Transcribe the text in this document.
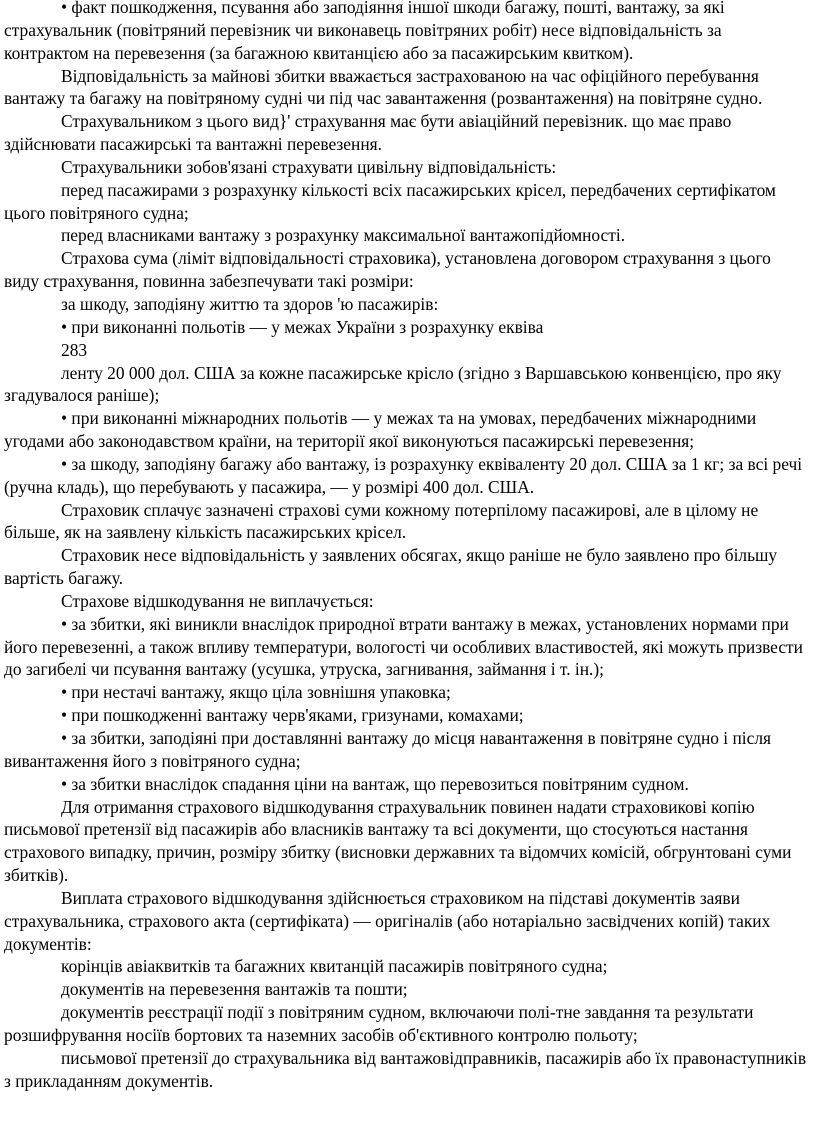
• факт пошкодження, псування або заподіяння іншої шкоди багажу, пошті, вантажу, за які страхувальник (повітряний перевізник чи виконавець повітряних робіт) несе відповідальність за контрактом на перевезення (за багажною квитанцією або за пасажирським квитком).

Відповідальність за майнові збитки вважається застрахованою на час офіційного перебування вантажу та багажу на повітряному судні чи під час завантаження (розвантаження) на повітряне судно.

Страхувальником з цього вид}' страхування має бути авіаційний перевізник. що має право здійснювати пасажирські та вантажні перевезення.

Страхувальники зобов'язані страхувати цивільну відповідальність:

перед пасажирами з розрахунку кількості всіх пасажирських крісел, передбачених сертифікатом цього повітряного судна;

перед власниками вантажу з розрахунку максимальної вантажопідйомності.

Страхова сума (ліміт відповідальності страховика), установлена договором страхування з цього виду страхування, повинна забезпечувати такі розміри:

за шкоду, заподіяну життю та здоров 'ю пасажирів:

• при виконанні польотів — у межах України з розрахунку еквіва

283

ленту 20 000 дол. США за кожне пасажирське крісло (згідно з Варшавською конвенцією, про яку згадувалося раніше);

• при виконанні міжнародних польотів — у межах та на умовах, передбачених міжнародними угодами або законодавством країни, на території якої виконуються пасажирські перевезення;

• за шкоду, заподіяну багажу або вантажу, із розрахунку еквіваленту 20 дол. США за 1 кг; за всі речі (ручна кладь), що перебувають у пасажира, — у розмірі 400 дол. США.

Страховик сплачує зазначені страхові суми кожному потерпілому пасажирові, але в цілому не більше, як на заявлену кількість пасажирських крісел.

Страховик несе відповідальність у заявлених обсягах, якщо раніше не було заявлено про більшу вартість багажу.

Страхове відшкодування не виплачується:

• за збитки, які виникли внаслідок природної втрати вантажу в межах, установлених нормами при його перевезенні, а також впливу температури, вологості чи особливих властивостей, які можуть призвести до загибелі чи псування вантажу (усушка, утруска, загнивання, займання і т. ін.);

• при нестачі вантажу, якщо ціла зовнішня упаковка;

• при пошкодженні вантажу черв'яками, гризунами, комахами;

• за збитки, заподіяні при доставлянні вантажу до місця навантаження в повітряне судно і після вивантаження його з повітряного судна;

• за збитки внаслідок спадання ціни на вантаж, що перевозиться повітряним судном.

Для отримання страхового відшкодування страхувальник повинен надати страховикові копію письмової претензії від пасажирів або власників вантажу та всі документи, що стосуються настання страхового випадку, причин, розміру збитку (висновки державних та відомчих комісій, обгрунтовані суми збитків).

Виплата страхового відшкодування здійснюється страховиком на підставі документів заяви страхувальника, страхового акта (сертифіката) — оригіналів (або нотаріально засвідчених копій) таких документів:

корінців авіаквитків та багажних квитанцій пасажирів повітряного судна;

документів на перевезення вантажів та пошти;

документів реєстрації події з повітряним судном, включаючи полі-тне завдання та результати розшифрування носіїв бортових та наземних засобів об'єктивного контролю польоту;

письмової претензії до страхувальника від вантажовідправників, пасажирів або їх правонаступників з прикладанням документів.
